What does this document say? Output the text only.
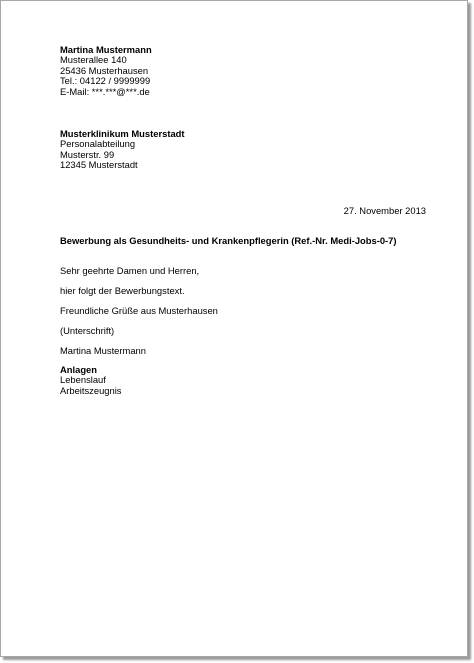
Martina Mustermann
Musterallee 140
25436 Musterhausen
Tel.: 04122 / 9999999
E-Mail: ***.***@***.de
Musterklinikum Musterstadt
Personalabteilung
Musterstr. 99
12345 Musterstadt
27. November 2013
Bewerbung als Gesundheits- und Krankenpflegerin (Ref.-Nr. Medi-Jobs-0-7)
Sehr geehrte Damen und Herren,
hier folgt der Bewerbungstext.
Freundliche Grüße aus Musterhausen
(Unterschrift)
Martina Mustermann
Anlagen
Lebenslauf
Arbeitszeugnis
